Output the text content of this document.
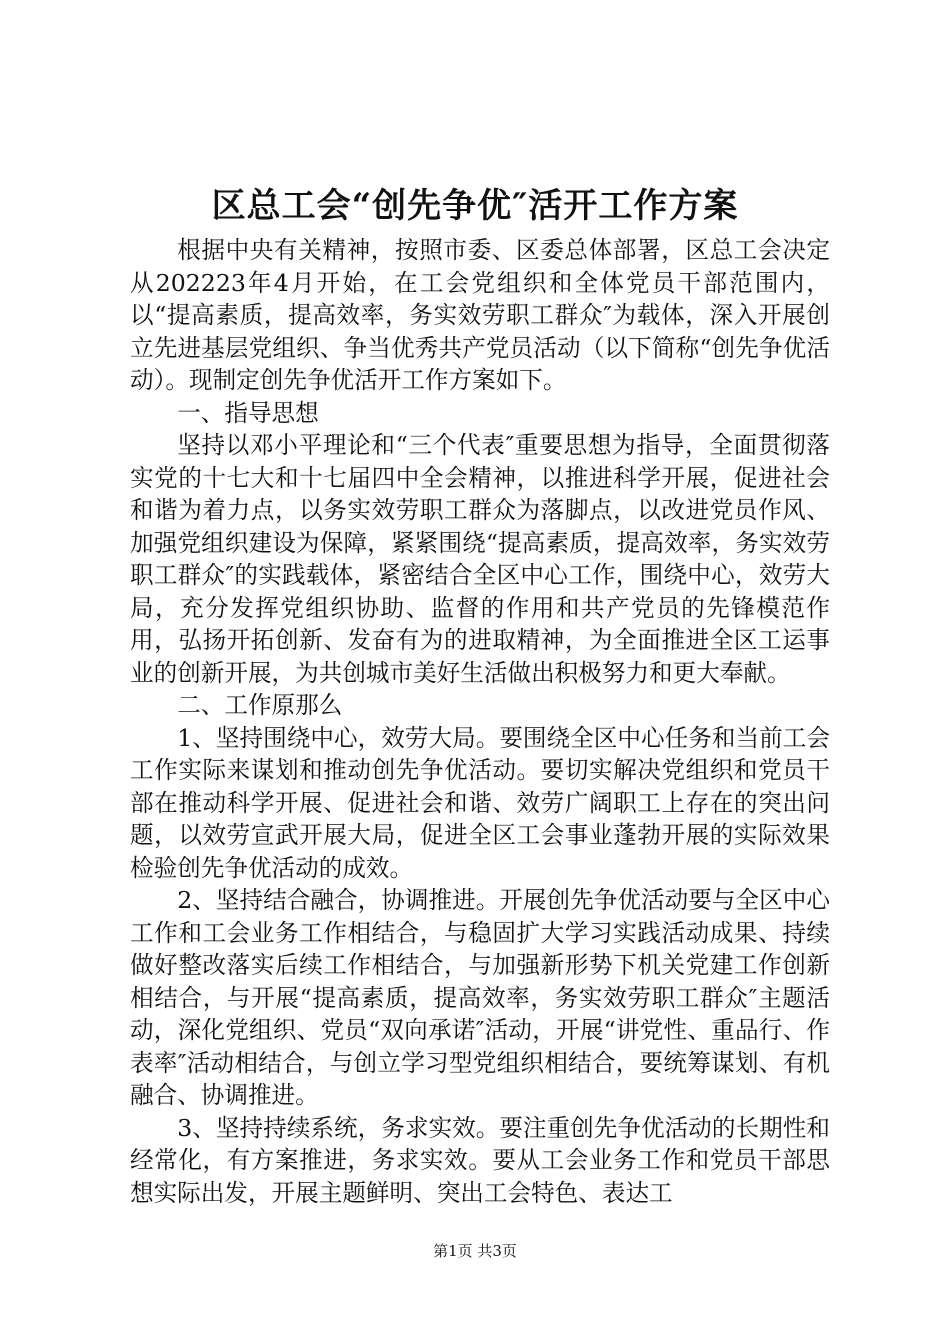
区总工会“创先争优″活开工作方案

根据中央有关精神，按照市委、区委总体部署，区总工会决定从202223年4月开始，在工会党组织和全体党员干部范围内，以“提高素质，提高效率，务实效劳职工群众″为载体，深入开展创立先进基层党组织、争当优秀共产党员活动（以下简称“创先争优活动）。现制定创先争优活开工作方案如下。

一、指导思想

坚持以邓小平理论和“三个代表″重要思想为指导，全面贯彻落实党的十七大和十七届四中全会精神，以推进科学开展，促进社会和谐为着力点，以务实效劳职工群众为落脚点，以改进党员作风、加强党组织建设为保障，紧紧围绕“提高素质，提高效率，务实效劳职工群众″的实践载体，紧密结合全区中心工作，围绕中心，效劳大局，充分发挥党组织协助、监督的作用和共产党员的先锋模范作用，弘扬开拓创新、发奋有为的进取精神，为全面推进全区工运事业的创新开展，为共创城市美好生活做出积极努力和更大奉献。

二、工作原那么

1、坚持围绕中心，效劳大局。要围绕全区中心任务和当前工会工作实际来谋划和推动创先争优活动。要切实解决党组织和党员干部在推动科学开展、促进社会和谐、效劳广阔职工上存在的突出问题，以效劳宣武开展大局，促进全区工会事业蓬勃开展的实际效果检验创先争优活动的成效。

2、坚持结合融合，协调推进。开展创先争优活动要与全区中心工作和工会业务工作相结合，与稳固扩大学习实践活动成果、持续做好整改落实后续工作相结合，与加强新形势下机关党建工作创新相结合，与开展“提高素质，提高效率，务实效劳职工群众″主题活动，深化党组织、党员“双向承诺″活动，开展“讲党性、重品行、作表率″活动相结合，与创立学习型党组织相结合，要统筹谋划、有机融合、协调推进。

3、坚持持续系统，务求实效。要注重创先争优活动的长期性和经常化，有方案推进，务求实效。要从工会业务工作和党员干部思想实际出发，开展主题鲜明、突出工会特色、表达工

第1页 共3页
